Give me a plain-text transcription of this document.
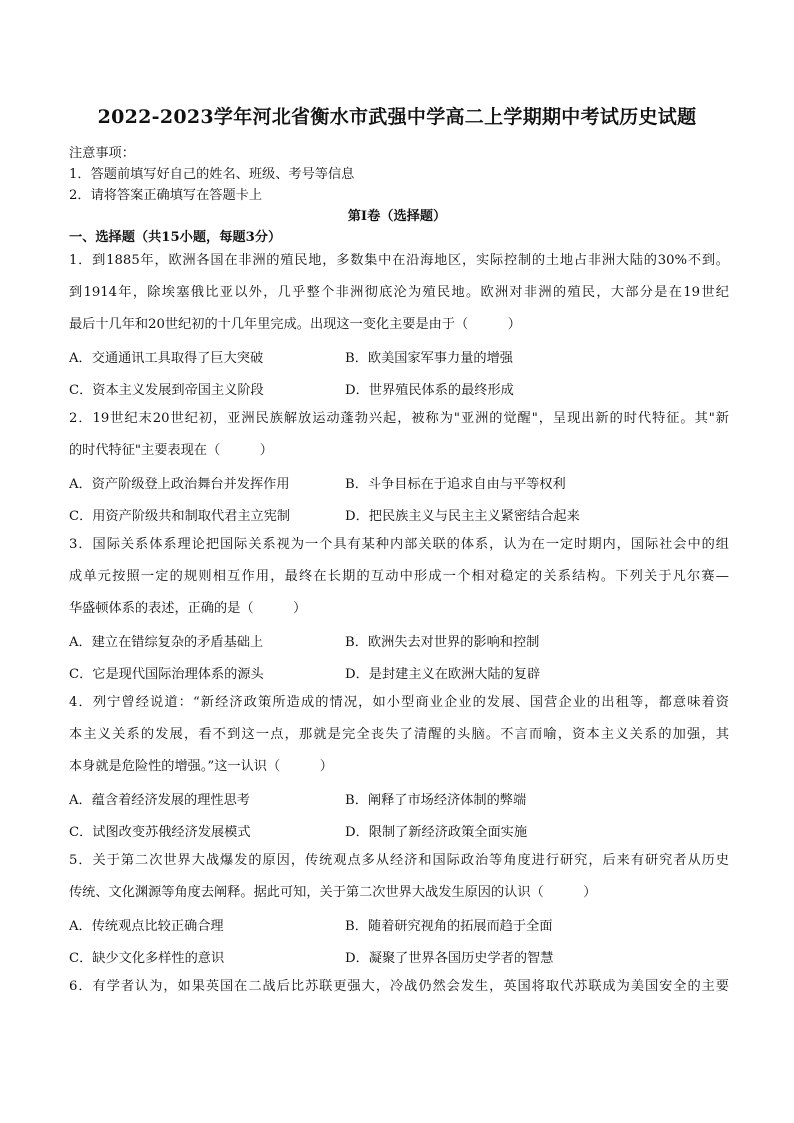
2022-2023学年河北省衡水市武强中学高二上学期期中考试历史试题
注意事项：
1．答题前填写好自己的姓名、班级、考号等信息
2．请将答案正确填写在答题卡上
第I卷（选择题）
一、选择题（共15小题，每题3分）
1．到1885年，欧洲各国在非洲的殖民地，多数集中在沿海地区，实际控制的土地占非洲大陆的30%不到。
到1914年，除埃塞俄比亚以外，几乎整个非洲彻底沦为殖民地。欧洲对非洲的殖民，大部分是在19世纪
最后十几年和20世纪初的十几年里完成。出现这一变化主要是由于（　　　）
A．交通通讯工具取得了巨大突破	B．欧美国家军事力量的增强
C．资本主义发展到帝国主义阶段	D．世界殖民体系的最终形成
2．19世纪末20世纪初，亚洲民族解放运动蓬勃兴起，被称为"亚洲的觉醒"，呈现出新的时代特征。其"新
的时代特征"主要表现在（　　　）
A．资产阶级登上政治舞台并发挥作用	B．斗争目标在于追求自由与平等权利
C．用资产阶级共和制取代君主立宪制	D．把民族主义与民主主义紧密结合起来
3．国际关系体系理论把国际关系视为一个具有某种内部关联的体系，认为在一定时期内，国际社会中的组
成单元按照一定的规则相互作用，最终在长期的互动中形成一个相对稳定的关系结构。下列关于凡尔赛—
华盛顿体系的表述，正确的是（　　　）
A．建立在错综复杂的矛盾基础上	B．欧洲失去对世界的影响和控制
C．它是现代国际治理体系的源头	D．是封建主义在欧洲大陆的复辟
4．列宁曾经说道：“新经济政策所造成的情况，如小型商业企业的发展、国营企业的出租等，都意味着资
本主义关系的发展，看不到这一点，那就是完全丧失了清醒的头脑。不言而喻，资本主义关系的加强，其
本身就是危险性的增强。”这一认识（　　　）
A．蕴含着经济发展的理性思考	B．阐释了市场经济体制的弊端
C．试图改变苏俄经济发展模式	D．限制了新经济政策全面实施
5．关于第二次世界大战爆发的原因，传统观点多从经济和国际政治等角度进行研究，后来有研究者从历史
传统、文化渊源等角度去阐释。据此可知，关于第二次世界大战发生原因的认识（　　　）
A．传统观点比较正确合理	B．随着研究视角的拓展而趋于全面
C．缺少文化多样性的意识	D．凝聚了世界各国历史学者的智慧
6．有学者认为，如果英国在二战后比苏联更强大，冷战仍然会发生，英国将取代苏联成为美国安全的主要
